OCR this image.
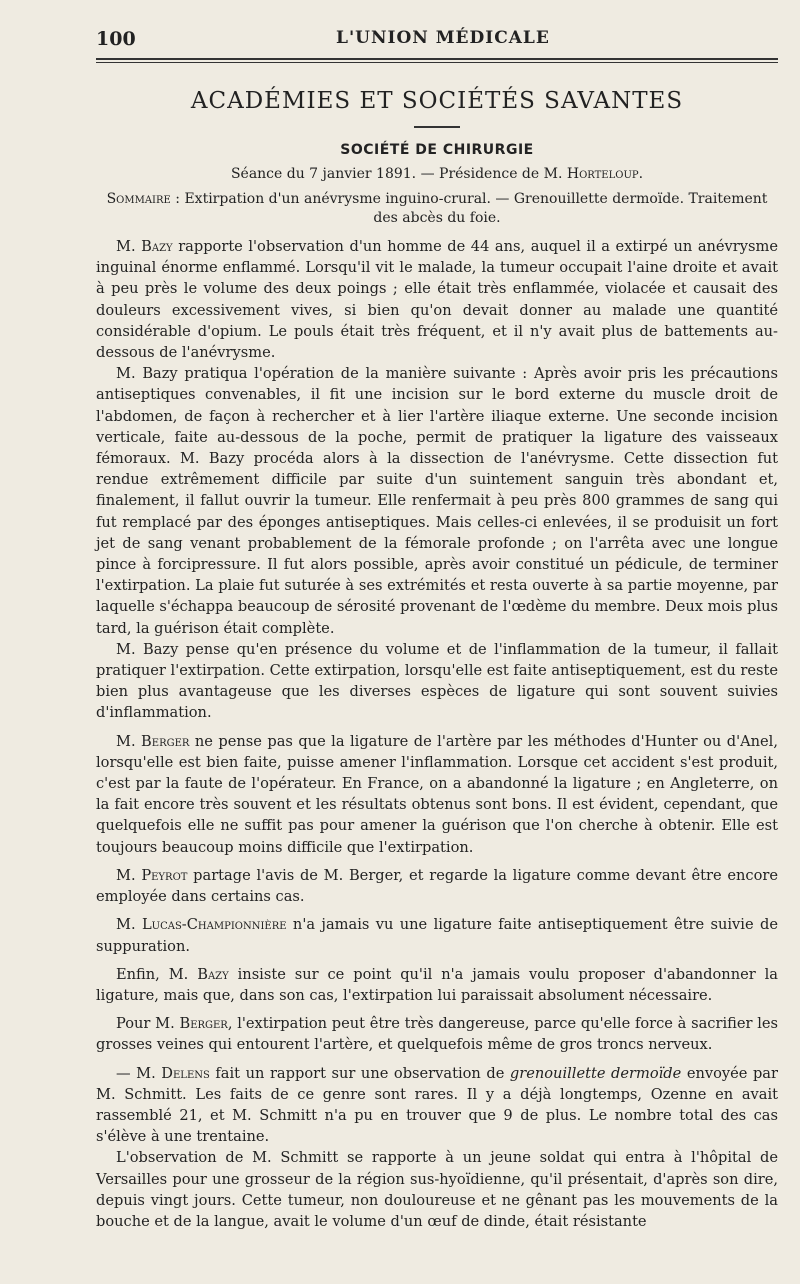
100	L'UNION MÉDICALE
ACADÉMIES ET SOCIÉTÉS SAVANTES
SOCIÉTÉ DE CHIRURGIE
Séance du 7 janvier 1891. — Présidence de M. Horteloup.
Sommaire : Extirpation d'un anévrysme inguino-crural. — Grenouillette dermoïde. Traitement des abcès du foie.

M. Bazy rapporte l'observation d'un homme de 44 ans, auquel il a extirpé un anévrysme inguinal énorme enflammé. Lorsqu'il vit le malade, la tumeur occupait l'aine droite et avait à peu près le volume des deux poings ; elle était très enflammée, violacée et causait des douleurs excessivement vives, si bien qu'on devait donner au malade une quantité considérable d'opium. Le pouls était très fréquent, et il n'y avait plus de battements au-dessous de l'anévrysme.

M. Bazy pratiqua l'opération de la manière suivante : Après avoir pris les précautions antiseptiques convenables, il fit une incision sur le bord externe du muscle droit de l'abdomen, de façon à rechercher et à lier l'artère iliaque externe. Une seconde incision verticale, faite au-dessous de la poche, permit de pratiquer la ligature des vaisseaux fémoraux. M. Bazy procéda alors à la dissection de l'anévrysme. Cette dissection fut rendue extrêmement difficile par suite d'un suintement sanguin très abondant et, finalement, il fallut ouvrir la tumeur. Elle renfermait à peu près 800 grammes de sang qui fut remplacé par des éponges antiseptiques. Mais celles-ci enlevées, il se produisit un fort jet de sang venant probablement de la fémorale profonde ; on l'arrêta avec une longue pince à forcipressure. Il fut alors possible, après avoir constitué un pédicule, de terminer l'extirpation. La plaie fut suturée à ses extrémités et resta ouverte à sa partie moyenne, par laquelle s'échappa beaucoup de sérosité provenant de l'œdème du membre. Deux mois plus tard, la guérison était complète.

M. Bazy pense qu'en présence du volume et de l'inflammation de la tumeur, il fallait pratiquer l'extirpation. Cette extirpation, lorsqu'elle est faite antiseptiquement, est du reste bien plus avantageuse que les diverses espèces de ligature qui sont souvent suivies d'inflammation.

M. Berger ne pense pas que la ligature de l'artère par les méthodes d'Hunter ou d'Anel, lorsqu'elle est bien faite, puisse amener l'inflammation. Lorsque cet accident s'est produit, c'est par la faute de l'opérateur. En France, on a abandonné la ligature ; en Angleterre, on la fait encore très souvent et les résultats obtenus sont bons. Il est évident, cependant, que quelquefois elle ne suffit pas pour amener la guérison que l'on cherche à obtenir. Elle est toujours beaucoup moins difficile que l'extirpation.

M. Peyrot partage l'avis de M. Berger, et regarde la ligature comme devant être encore employée dans certains cas.

M. Lucas-Championnière n'a jamais vu une ligature faite antiseptiquement être suivie de suppuration.

Enfin, M. Bazy insiste sur ce point qu'il n'a jamais voulu proposer d'abandonner la ligature, mais que, dans son cas, l'extirpation lui paraissait absolument nécessaire.

Pour M. Berger, l'extirpation peut être très dangereuse, parce qu'elle force à sacrifier les grosses veines qui entourent l'artère, et quelquefois même de gros troncs nerveux.

— M. Delens fait un rapport sur une observation de grenouillette dermoïde envoyée par M. Schmitt. Les faits de ce genre sont rares. Il y a déjà longtemps, Ozenne en avait rassemblé 21, et M. Schmitt n'a pu en trouver que 9 de plus. Le nombre total des cas s'élève à une trentaine.

L'observation de M. Schmitt se rapporte à un jeune soldat qui entra à l'hôpital de Versailles pour une grosseur de la région sus-hyoïdienne, qu'il présentait, d'après son dire, depuis vingt jours. Cette tumeur, non douloureuse et ne gênant pas les mouvements de la bouche et de la langue, avait le volume d'un œuf de dinde, était résistante
